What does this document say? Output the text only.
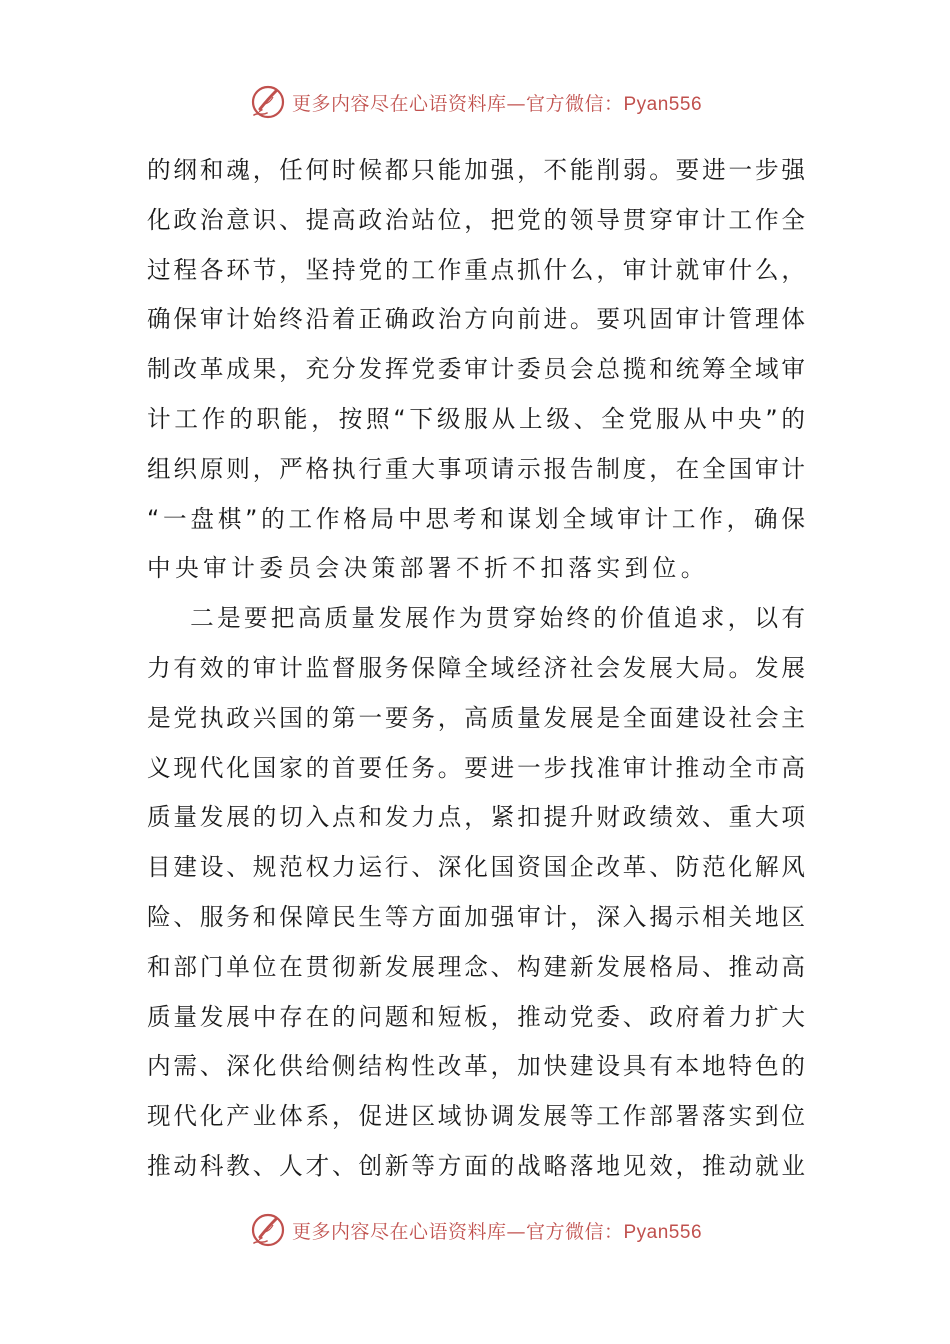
更多内容尽在心语资料库— 官方微信：Pyan556
的纲和魂，任何时候都只能加强，不能削弱。要进一步强
化政治意识、提高政治站位，把党的领导贯穿审计工作全
过程各环节，坚持党的工作重点抓什么，审计就审什么，
确保审计始终沿着正确政治方向前进。要巩固审计管理体
制改革成果，充分发挥党委审计委员会总揽和统筹全域审
计工作的职能，按照“下级服从上级、全党服从中央”的
组织原则，严格执行重大事项请示报告制度，在全国审计
“一盘棋”的工作格局中思考和谋划全域审计工作，确保
中央审计委员会决策部署不折不扣落实到位。
二是要把高质量发展作为贯穿始终的价值追求，以有
力有效的审计监督服务保障全域经济社会发展大局。发展
是党执政兴国的第一要务，高质量发展是全面建设社会主
义现代化国家的首要任务。要进一步找准审计推动全市高
质量发展的切入点和发力点，紧扣提升财政绩效、重大项
目建设、规范权力运行、深化国资国企改革、防范化解风
险、服务和保障民生等方面加强审计，深入揭示相关地区
和部门单位在贯彻新发展理念、构建新发展格局、推动高
质量发展中存在的问题和短板，推动党委、政府着力扩大
内需、深化供给侧结构性改革，加快建设具有本地特色的
现代化产业体系，促进区域协调发展等工作部署落实到位
推动科教、人才、创新等方面的战略落地见效，推动就业
更多内容尽在心语资料库— 官方微信：Pyan556
